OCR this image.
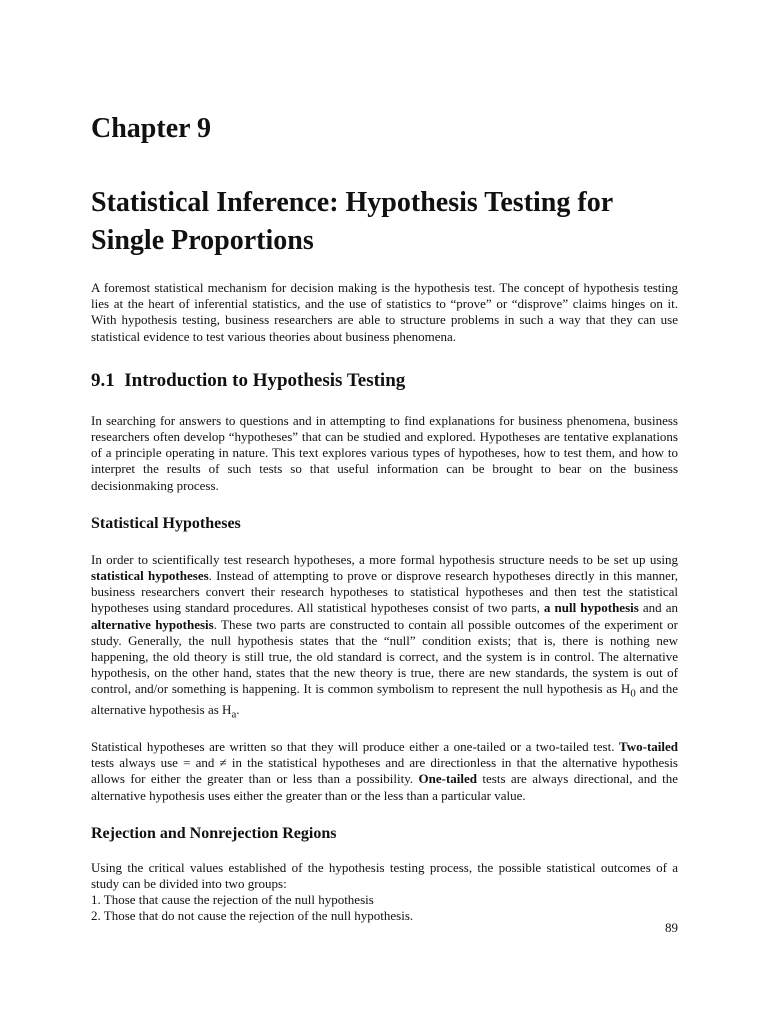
Chapter 9
Statistical Inference: Hypothesis Testing for
Single Proportions

A foremost statistical mechanism for decision making is the hypothesis test. The concept of hypothesis testing lies at the heart of inferential statistics, and the use of statistics to “prove” or “disprove” claims hinges on it. With hypothesis testing, business researchers are able to structure problems in such a way that they can use statistical evidence to test various theories about business phenomena.

9.1 Introduction to Hypothesis Testing

In searching for answers to questions and in attempting to find explanations for business phenomena, business researchers often develop “hypotheses” that can be studied and explored. Hypotheses are tentative explanations of a principle operating in nature. This text explores various types of hypotheses, how to test them, and how to interpret the results of such tests so that useful information can be brought to bear on the business decisionmaking process.

Statistical Hypotheses

In order to scientifically test research hypotheses, a more formal hypothesis structure needs to be set up using statistical hypotheses. Instead of attempting to prove or disprove research hypotheses directly in this manner, business researchers convert their research hypotheses to statistical hypotheses and then test the statistical hypotheses using standard procedures. All statistical hypotheses consist of two parts, a null hypothesis and an alternative hypothesis. These two parts are constructed to contain all possible outcomes of the experiment or study. Generally, the null hypothesis states that the “null” condition exists; that is, there is nothing new happening, the old theory is still true, the old standard is correct, and the system is in control. The alternative hypothesis, on the other hand, states that the new theory is true, there are new standards, the system is out of control, and/or something is happening. It is common symbolism to represent the null hypothesis as $H_0$ and the alternative hypothesis as $H_a$.

Statistical hypotheses are written so that they will produce either a one-tailed or a two-tailed test. Two-tailed tests always use = and ≠ in the statistical hypotheses and are directionless in that the alternative hypothesis allows for either the greater than or less than a possibility. One-tailed tests are always directional, and the alternative hypothesis uses either the greater than or the less than a particular value.

Rejection and Nonrejection Regions

Using the critical values established of the hypothesis testing process, the possible statistical outcomes of a study can be divided into two groups:

1. Those that cause the rejection of the null hypothesis
2. Those that do not cause the rejection of the null hypothesis.
89
